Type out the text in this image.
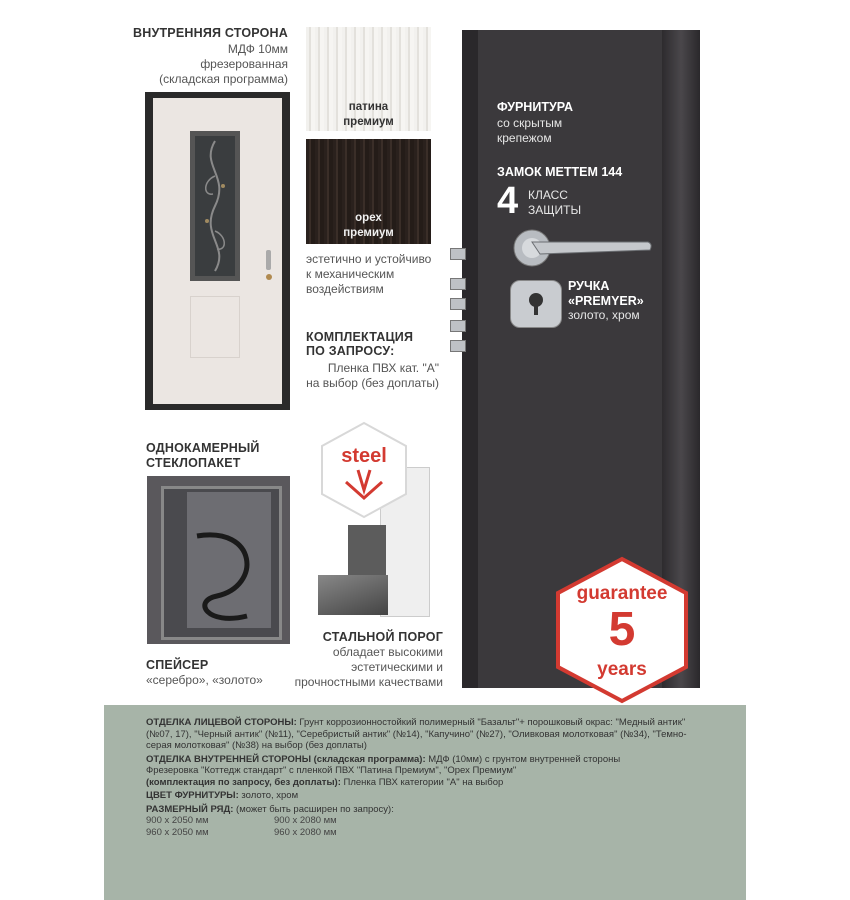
ВНУТРЕННЯЯ СТОРОНА
МДФ 10мм
фрезерованная
(складская программа)
патина
премиум
орех
премиум
эстетично и устойчиво
к механическим
воздействиям
КОМПЛЕКТАЦИЯ
ПО ЗАПРОСУ:
Пленка ПВХ кат. "А"
на выбор (без доплаты)
ФУРНИТУРА
со скрытым
крепежом
ЗАМОК METTEM 144
4 КЛАСС
ЗАЩИТЫ
РУЧКА
«PREMYER»
золото, хром
ОДНОКАМЕРНЫЙ
СТЕКЛОПАКЕТ
СПЕЙСЕР
«серебро», «золото»
steel
СТАЛЬНОЙ ПОРОГ
обладает высокими
эстетическими и
прочностными качествами
guarantee
5
years

ОТДЕЛКА ЛИЦЕВОЙ СТОРОНЫ: Грунт коррозионностойкий полимерный "Базальт"+ порошковый окрас: "Медный антик"

(№07, 17), "Черный антик" (№11), "Серебристый антик" (№14), "Капучино" (№27), "Оливковая молотковая" (№34), "Темно-

серая молотковая" (№38) на выбор (без доплаты)

ОТДЕЛКА ВНУТРЕННЕЙ СТОРОНЫ (складская программа): МДФ (10мм) с грунтом внутренней стороны

Фрезеровка "Коттедж стандарт" с пленкой ПВХ "Патина Премиум", "Орех Премиум"

(комплектация по запросу, без доплаты): Пленка ПВХ категории "А" на выбор

ЦВЕТ ФУРНИТУРЫ: золото, хром

РАЗМЕРНЫЙ РЯД: (может быть расширен по запросу):

900 х 2050 мм	900 х 2080 мм
960 х 2050 мм	960 х 2080 мм
